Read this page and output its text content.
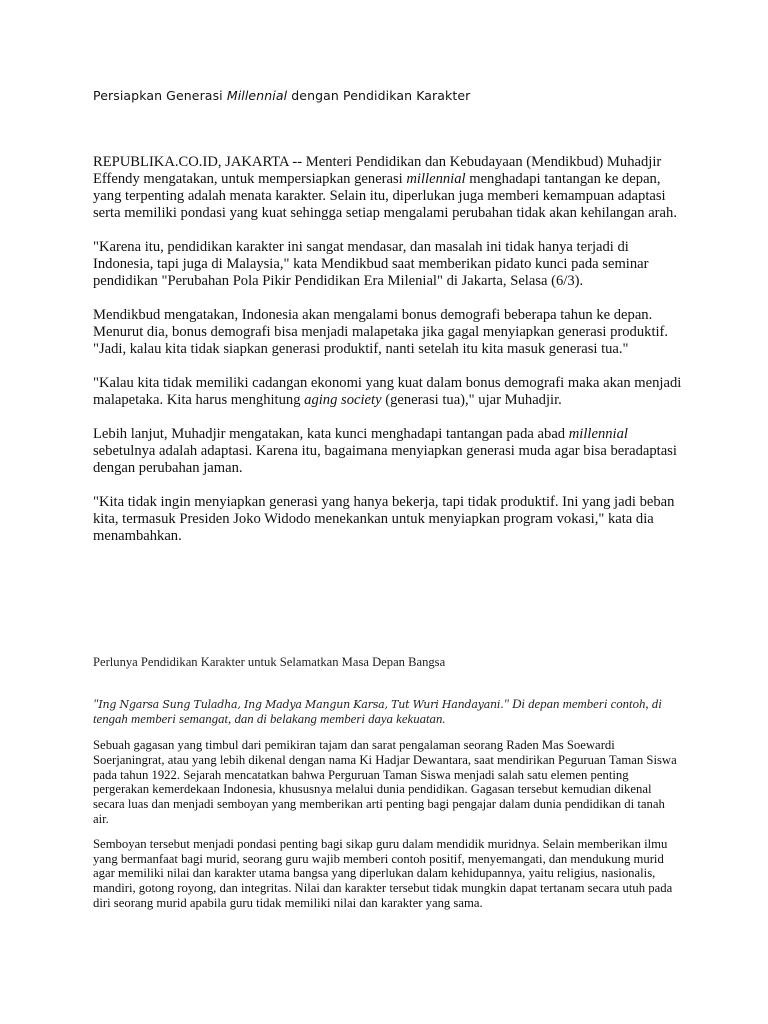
Persiapkan Generasi Millennial dengan Pendidikan Karakter

REPUBLIKA.CO.ID, JAKARTA -- Menteri Pendidikan dan Kebudayaan (Mendikbud) Muhadjir Effendy mengatakan, untuk mempersiapkan generasi millennial menghadapi tantangan ke depan, yang terpenting adalah menata karakter. Selain itu, diperlukan juga memberi kemampuan adaptasi serta memiliki pondasi yang kuat sehingga setiap mengalami perubahan tidak akan kehilangan arah.

"Karena itu, pendidikan karakter ini sangat mendasar, dan masalah ini tidak hanya terjadi di Indonesia, tapi juga di Malaysia," kata Mendikbud saat memberikan pidato kunci pada seminar pendidikan "Perubahan Pola Pikir Pendidikan Era Milenial" di Jakarta, Selasa (6/3).

Mendikbud mengatakan, Indonesia akan mengalami bonus demografi beberapa tahun ke depan. Menurut dia, bonus demografi bisa menjadi malapetaka jika gagal menyiapkan generasi produktif. "Jadi, kalau kita tidak siapkan generasi produktif, nanti setelah itu kita masuk generasi tua."

"Kalau kita tidak memiliki cadangan ekonomi yang kuat dalam bonus demografi maka akan menjadi malapetaka. Kita harus menghitung aging society (generasi tua)," ujar Muhadjir.

Lebih lanjut, Muhadjir mengatakan, kata kunci menghadapi tantangan pada abad millennial sebetulnya adalah adaptasi. Karena itu, bagaimana menyiapkan generasi muda agar bisa beradaptasi dengan perubahan jaman.

"Kita tidak ingin menyiapkan generasi yang hanya bekerja, tapi tidak produktif. Ini yang jadi beban kita, termasuk Presiden Joko Widodo menekankan untuk menyiapkan program vokasi," kata dia menambahkan.

Perlunya Pendidikan Karakter untuk Selamatkan Masa Depan Bangsa
"Ing Ngarsa Sung Tuladha, Ing Madya Mangun Karsa, Tut Wuri Handayani." Di depan memberi contoh, di tengah memberi semangat, dan di belakang memberi daya kekuatan.

Sebuah gagasan yang timbul dari pemikiran tajam dan sarat pengalaman seorang Raden Mas Soewardi Soerjaningrat, atau yang lebih dikenal dengan nama Ki Hadjar Dewantara, saat mendirikan Peguruan Taman Siswa pada tahun 1922. Sejarah mencatatkan bahwa Perguruan Taman Siswa menjadi salah satu elemen penting pergerakan kemerdekaan Indonesia, khususnya melalui dunia pendidikan. Gagasan tersebut kemudian dikenal secara luas dan menjadi semboyan yang memberikan arti penting bagi pengajar dalam dunia pendidikan di tanah air.

Semboyan tersebut menjadi pondasi penting bagi sikap guru dalam mendidik muridnya. Selain memberikan ilmu yang bermanfaat bagi murid, seorang guru wajib memberi contoh positif, menyemangati, dan mendukung murid agar memiliki nilai dan karakter utama bangsa yang diperlukan dalam kehidupannya, yaitu religius, nasionalis, mandiri, gotong royong, dan integritas. Nilai dan karakter tersebut tidak mungkin dapat tertanam secara utuh pada diri seorang murid apabila guru tidak memiliki nilai dan karakter yang sama.
